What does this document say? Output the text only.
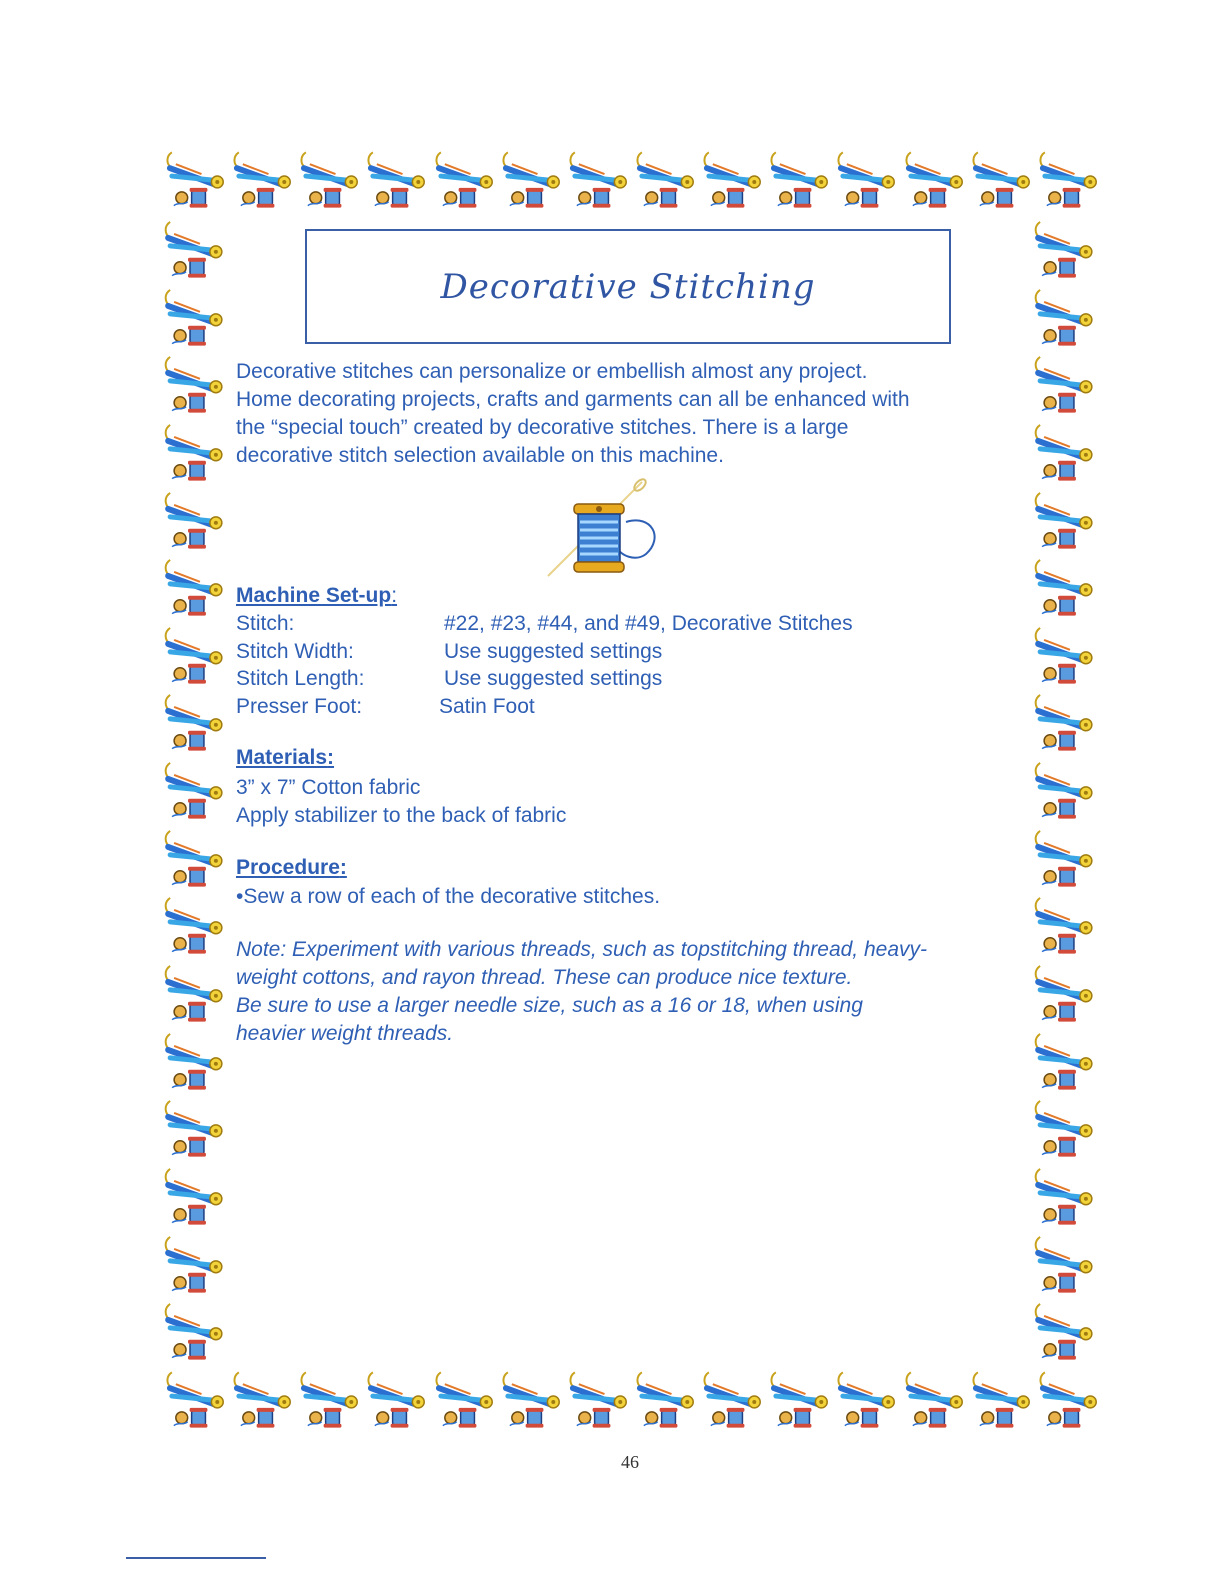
Decorative Stitching

Decorative stitches can personalize or embellish almost any project.

Home decorating projects, crafts and garments can all be enhanced with

the “special touch” created by decorative stitches. There is a large

decorative stitch selection available on this machine.

Machine Set-up:
Stitch:	#22, #23, #44, and #49, Decorative Stitches
Stitch Width:	Use suggested settings
Stitch Length:	Use suggested settings
Presser Foot:	Satin Foot
Materials:
3” x 7” Cotton fabric
Apply stabilizer to the back of fabric
Procedure:
•Sew a row of each of the decorative stitches.
Note: Experiment with various threads, such as topstitching thread, heavy-
weight cottons, and rayon thread. These can produce nice texture.
Be sure to use a larger needle size, such as a 16 or 18, when using
heavier weight threads.
46
